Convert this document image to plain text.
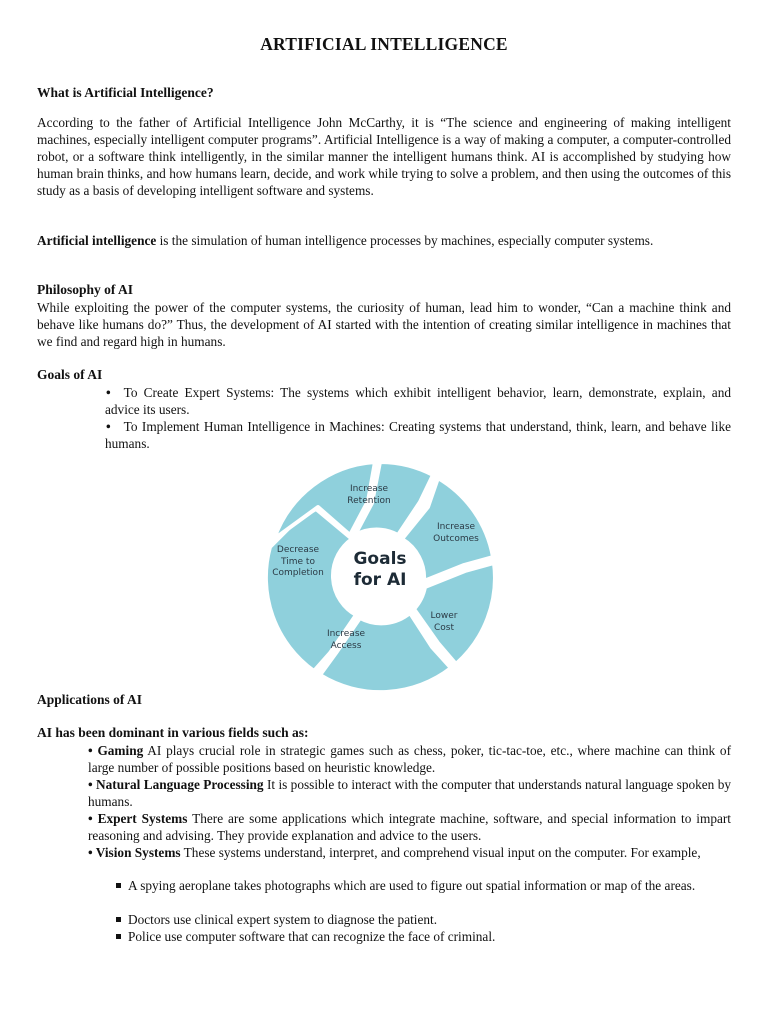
ARTIFICIAL INTELLIGENCE
What is Artificial Intelligence?

According to the father of Artificial Intelligence John McCarthy, it is “The science and engineering of making intelligent machines, especially intelligent computer programs”. Artificial Intelligence is a way of making a computer, a computer-controlled robot, or a software think intelligently, in the similar manner the intelligent humans think. AI is accomplished by studying how human brain thinks, and how humans learn, decide, and work while trying to solve a problem, and then using the outcomes of this study as a basis of developing intelligent software and systems.

Artificial intelligence is the simulation of human intelligence processes by machines, especially computer systems.

Philosophy of AI

While exploiting the power of the computer systems, the curiosity of human, lead him to wonder, “Can a machine think and behave like humans do?” Thus, the development of AI started with the intention of creating similar intelligence in machines that we find and regard high in humans.

Goals of AI

• To Create Expert Systems: The systems which exhibit intelligent behavior, learn, demonstrate, explain, and advice its users.

• To Implement Human Intelligence in Machines: Creating systems that understand, think, learn, and behave like humans.

Goals
for AI
Increase
Retention
Increase
Outcomes
Lower
Cost
Increase
Access
Decrease
Time to
Completion
Applications of AI
AI has been dominant in various fields such as:

• Gaming AI plays crucial role in strategic games such as chess, poker, tic-tac-toe, etc., where machine can think of large number of possible positions based on heuristic knowledge.

• Natural Language Processing It is possible to interact with the computer that understands natural language spoken by humans.

• Expert Systems There are some applications which integrate machine, software, and special information to impart reasoning and advising. They provide explanation and advice to the users.

• Vision Systems These systems understand, interpret, and comprehend visual input on the computer. For example,

A spying aeroplane takes photographs which are used to figure out spatial information or map of the areas.

Doctors use clinical expert system to diagnose the patient.

Police use computer software that can recognize the face of criminal.
